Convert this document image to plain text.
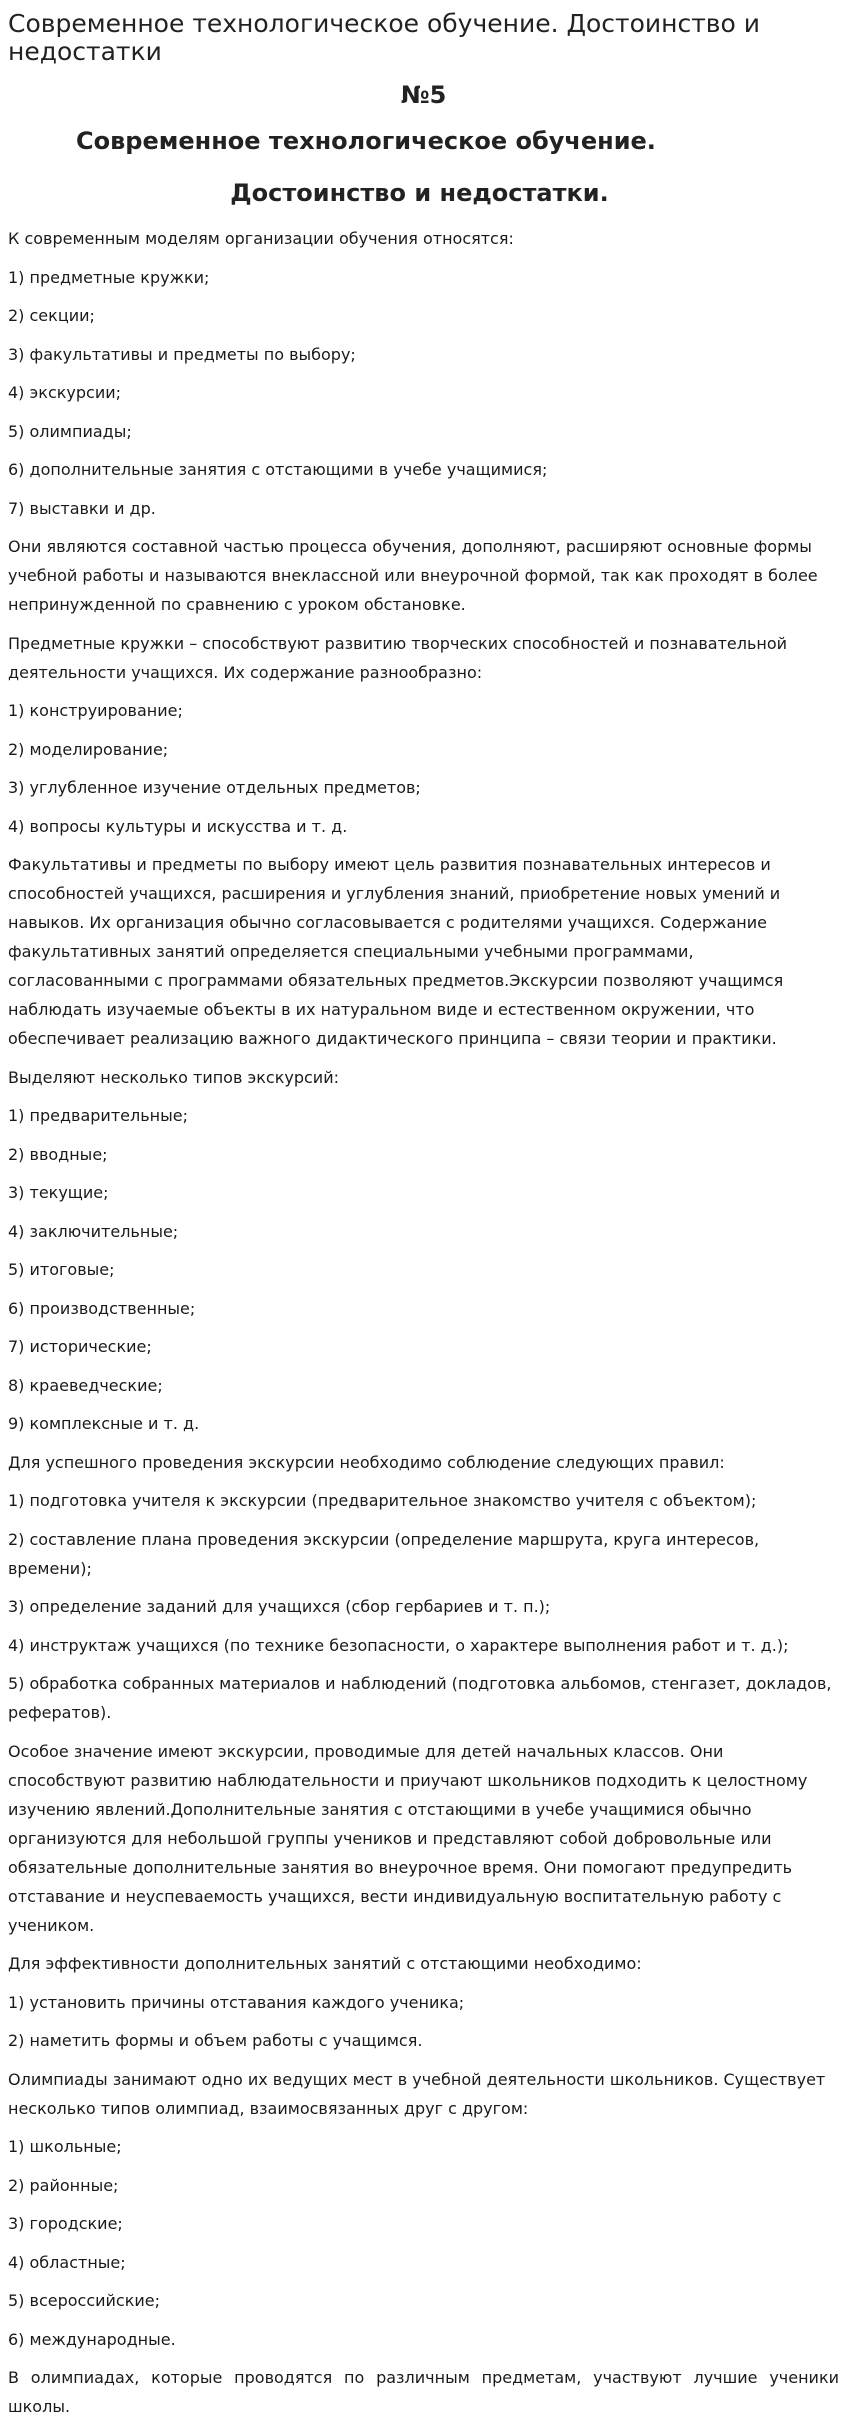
Современное технологическое обучение. Достоинство и недостатки
№5
Современное технологическое обучение.
Достоинство и недостатки.

К современным моделям организации обучения относятся:

1) предметные кружки;

2) секции;

3) факультативы и предметы по выбору;

4) экскурсии;

5) олимпиады;

6) дополнительные занятия с отстающими в учебе учащимися;

7) выставки и др.

Они являются составной частью процесса обучения, дополняют, расширяют основные формы учебной работы и называются внеклассной или внеурочной формой, так как проходят в более непринужденной по сравнению с уроком обстановке.

Предметные кружки – способствуют развитию творческих способностей и познавательной деятельности учащихся. Их содержание разнообразно:

1) конструирование;

2) моделирование;

3) углубленное изучение отдельных предметов;

4) вопросы культуры и искусства и т. д.

Факультативы и предметы по выбору имеют цель развития познавательных интересов и способностей учащихся, расширения и углубления знаний, приобретение новых умений и навыков. Их организация обычно согласовывается с родителями учащихся. Содержание факультативных занятий определяется специальными учебными программами, согласованными с программами обязательных предметов.Экскурсии позволяют учащимся наблюдать изучаемые объекты в их натуральном виде и естественном окружении, что обеспечивает реализацию важного дидактического принципа – связи теории и практики.

Выделяют несколько типов экскурсий:

1) предварительные;

2) вводные;

3) текущие;

4) заключительные;

5) итоговые;

6) производственные;

7) исторические;

8) краеведческие;

9) комплексные и т. д.

Для успешного проведения экскурсии необходимо соблюдение следующих правил:

1) подготовка учителя к экскурсии (предварительное знакомство учителя с объектом);

2) составление плана проведения экскурсии (определение маршрута, круга интересов, времени);

3) определение заданий для учащихся (сбор гербариев и т. п.);

4) инструктаж учащихся (по технике безопасности, о характере выполнения работ и т. д.);

5) обработка собранных материалов и наблюдений (подготовка альбомов, стенгазет, докладов, рефератов).

Особое значение имеют экскурсии, проводимые для детей начальных классов. Они способствуют развитию наблюдательности и приучают школьников подходить к целостному изучению явлений.Дополнительные занятия с отстающими в учебе учащимися обычно организуются для небольшой группы учеников и представляют собой добровольные или обязательные дополнительные занятия во внеурочное время. Они помогают предупредить отставание и неуспеваемость учащихся, вести индивидуальную воспитательную работу с учеником.

Для эффективности дополнительных занятий с отстающими необходимо:

1) установить причины отставания каждого ученика;

2) наметить формы и объем работы с учащимся.

Олимпиады занимают одно их ведущих мест в учебной деятельности школьников. Существует несколько типов олимпиад, взаимосвязанных друг с другом:

1) школьные;

2) районные;

3) городские;

4) областные;

5) всероссийские;

6) международные.

В олимпиадах, которые проводятся по различным предметам, участвуют лучшие ученики школы.
